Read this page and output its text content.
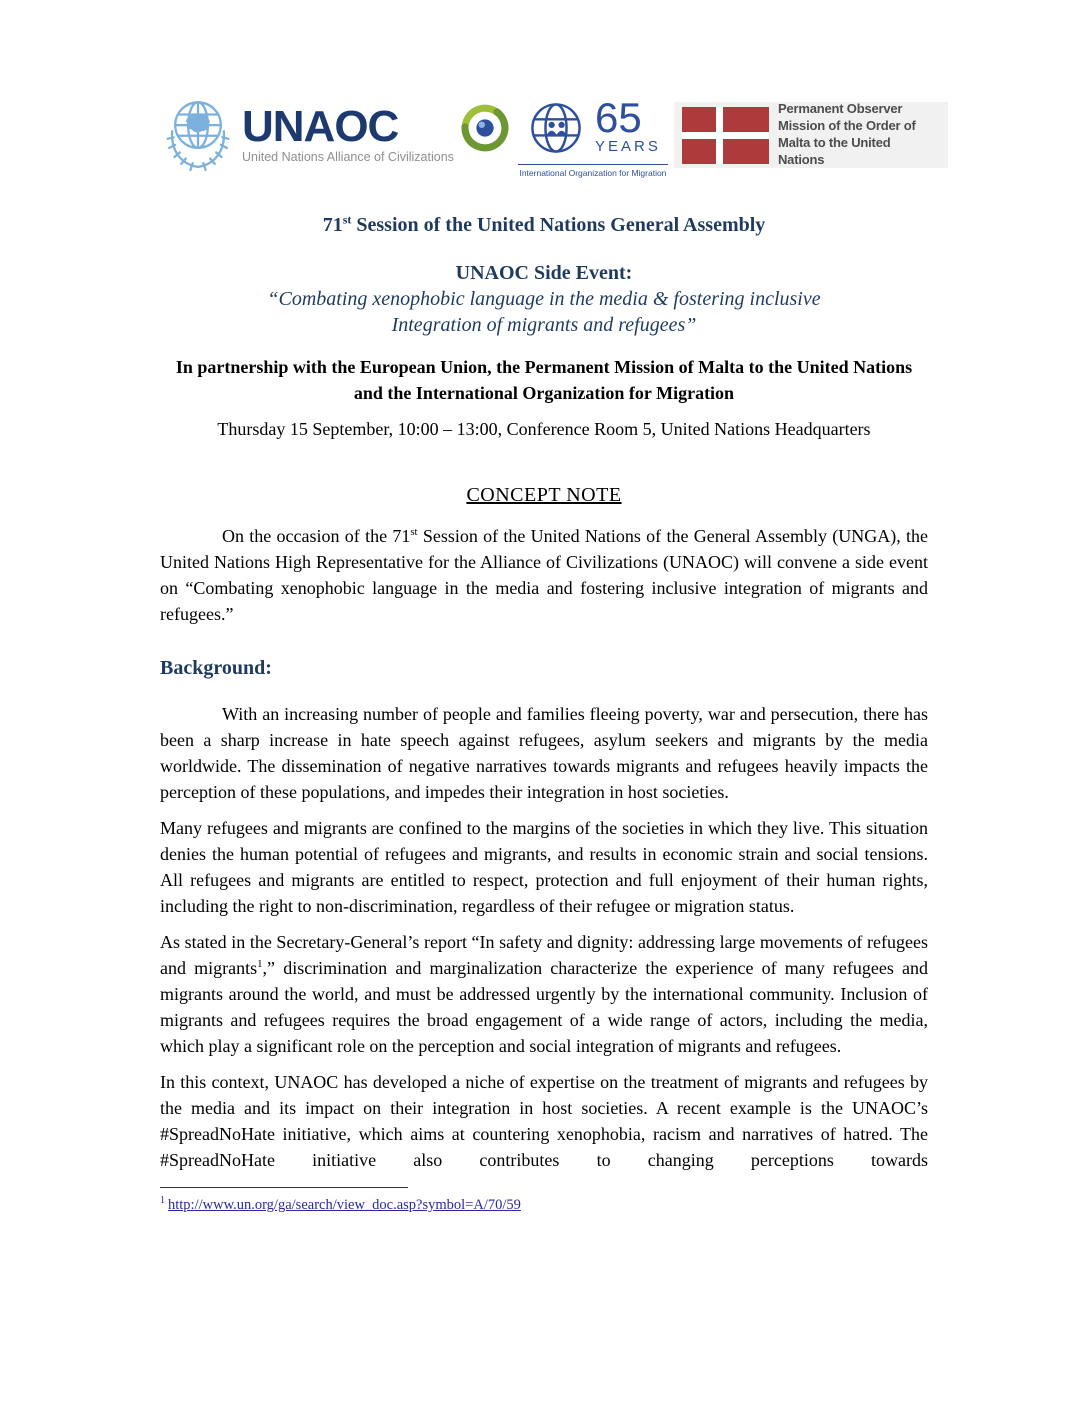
UNAOC
United Nations Alliance of Civilizations
65
YEARS
International Organization for Migration
Permanent Observer Mission of the Order of Malta to the United Nations
71st Session of the United Nations General Assembly
UNAOC Side Event:
“Combating xenophobic language in the media & fostering inclusive
Integration of migrants and refugees”
In partnership with the European Union, the Permanent Mission of Malta to the United Nations
and the International Organization for Migration
Thursday 15 September, 10:00 – 13:00, Conference Room 5, United Nations Headquarters
CONCEPT NOTE

On the occasion of the 71st Session of the United Nations of the General Assembly (UNGA), the United Nations High Representative for the Alliance of Civilizations (UNAOC) will convene a side event on “Combating xenophobic language in the media and fostering inclusive integration of migrants and refugees.”

Background:

With an increasing number of people and families fleeing poverty, war and persecution, there has been a sharp increase in hate speech against refugees, asylum seekers and migrants by the media worldwide. The dissemination of negative narratives towards migrants and refugees heavily impacts the perception of these populations, and impedes their integration in host societies.

Many refugees and migrants are confined to the margins of the societies in which they live. This situation denies the human potential of refugees and migrants, and results in economic strain and social tensions. All refugees and migrants are entitled to respect, protection and full enjoyment of their human rights, including the right to non-discrimination, regardless of their refugee or migration status.

As stated in the Secretary-General’s report “In safety and dignity: addressing large movements of refugees and migrants$^1$,” discrimination and marginalization characterize the experience of many refugees and migrants around the world, and must be addressed urgently by the international community. Inclusion of migrants and refugees requires the broad engagement of a wide range of actors, including the media, which play a significant role on the perception and social integration of migrants and refugees.

In this context, UNAOC has developed a niche of expertise on the treatment of migrants and refugees by the media and its impact on their integration in host societies. A recent example is the UNAOC’s #SpreadNoHate initiative, which aims at countering xenophobia, racism and narratives of hatred. The #SpreadNoHate initiative also contributes to changing perceptions towards

$^1$ http://www.un.org/ga/search/view_doc.asp?symbol=A/70/59
